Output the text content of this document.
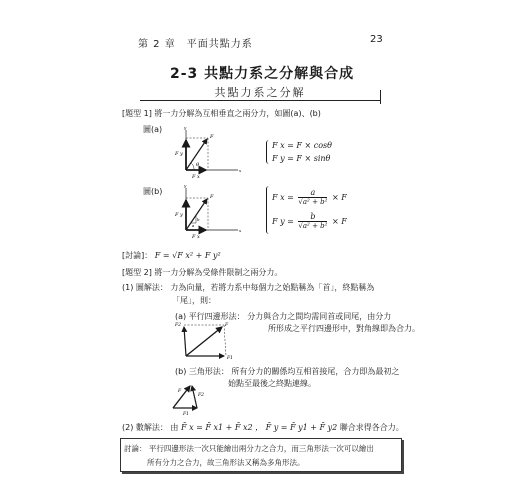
第 2 章　平面共點力系	23
2-3 共點力系之分解與合成
共點力系之分解
[題型 1] 將一力分解為互相垂直之兩分力，如圖(a)、(b)
圖(a)
F
F y
F x
θ
y
x
F x = F × cosθ
F y = F × sinθ
圖(b)
F
F y
F x
a
b
y
x
F $x = \frac{a}{\text{√a² + b²}} \times F$
F $y = \frac{b}{\text{√a² + b²}} \times F$
[討論]： F = √F x² + F y²
[題型 2] 將一力分解為受條件限制之兩分力。
(1) 圖解法： 力為向量，若將力系中每個力之始點稱為「首」，終點稱為
「尾」，則：
(a) 平行四邊形法： 分力與合力之間均需同首或同尾，由分力
所形成之平行四邊形中，對角線即為合力。
F2	F
F1
(b) 三角形法： 所有分力的關係均互相首接尾，合力即為最初之
始點至最後之終點連線。
F
F2
F1
(2) 數解法： 由 F̄ x = F̄ x1 + F̄ x2 ， F̄ y = F̄ y1 + F̄ y2 聯合求得各合力。
討論： 平行四邊形法一次只能繪出兩分力之合力，而三角形法一次可以繪出
所有分力之合力，故三角形法又稱為多角形法。
